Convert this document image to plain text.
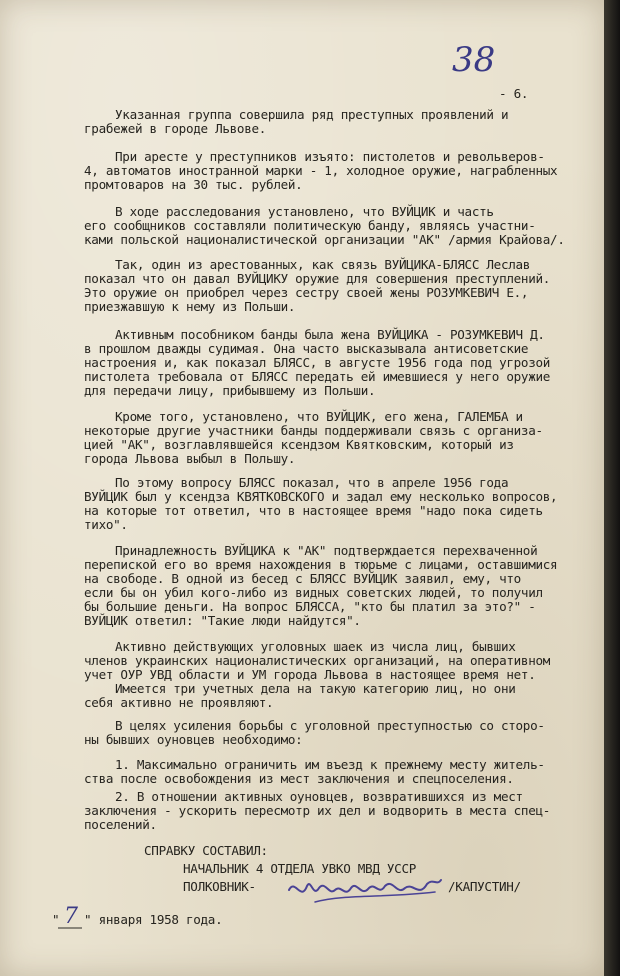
38

- 6.

Указанная группа совершила ряд преступных проявлений и

грабежей в городе Львове.

При аресте у преступников изъято: пистолетов и револьверов-

4, автоматов иностранной марки - 1, холодное оружие, награбленных

промтоваров на 30 тыс. рублей.

В ходе расследования установлено, что ВУЙЦИК и часть

его сообщников составляли политическую банду, являясь участни-

ками польской националистической организации "АК" /армия Крайова/.

Так, один из арестованных, как связь ВУЙЦИКА-БЛЯСС Леслав

показал что он давал ВУЙЦИКУ оружие для совершения преступлений.

Это оружие он приобрел через сестру своей жены РОЗУМКЕВИЧ Е.,

приезжавшую к нему из Польши.

Активным пособником банды была жена ВУЙЦИКА - РОЗУМКЕВИЧ Д.

в прошлом дважды судимая. Она часто высказывала антисоветские

настроения и, как показал БЛЯСС, в августе 1956 года под угрозой

пистолета требовала от БЛЯСС передать ей имевшиеся у него оружие

для передачи лицу, прибывшему из Польши.

Кроме того, установлено, что ВУЙЦИК, его жена, ГАЛЕМБА и

некоторые другие участники банды поддерживали связь с организа-

цией "АК", возглавлявшейся ксендзом Квятковским, который из

города Львова выбыл в Польшу.

По этому вопросу БЛЯСС показал, что в апреле 1956 года

ВУЙЦИК был у ксендза КВЯТКОВСКОГО и задал ему несколько вопросов,

на которые тот ответил, что в настоящее время "надо пока сидеть

тихо".

Принадлежность ВУЙЦИКА к "АК" подтверждается перехваченной

перепиской его во время нахождения в тюрьме с лицами, оставшимися

на свободе. В одной из бесед с БЛЯСС ВУЙЦИК заявил, ему, что

если бы он убил кого-либо из видных советских людей, то получил

бы большие деньги. На вопрос БЛЯССА, "кто бы платил за это?" -

ВУЙЦИК ответил: "Такие люди найдутся".

Активно действующих уголовных шаек из числа лиц, бывших

членов украинских националистических организаций, на оперативном

учет ОУР УВД области и УМ города Львова в настоящее время нет.

Имеется три учетных дела на такую категорию лиц, но они

себя активно не проявляют.

В целях усиления борьбы с уголовной преступностью со сторо-

ны бывших оуновцев необходимо:

1. Максимально ограничить им въезд к прежнему месту житель-

ства после освобождения из мест заключения и спецпоселения.

2. В отношении активных оуновцев, возвратившихся из мест

заключения - ускорить пересмотр их дел и водворить в места спец-

поселений.

СПРАВКУ СОСТАВИЛ:

НАЧАЛЬНИК 4 ОТДЕЛА УВКО МВД УССР

ПОЛКОВНИК-	/КАПУСТИН/

" 7 " января 1958 года.
